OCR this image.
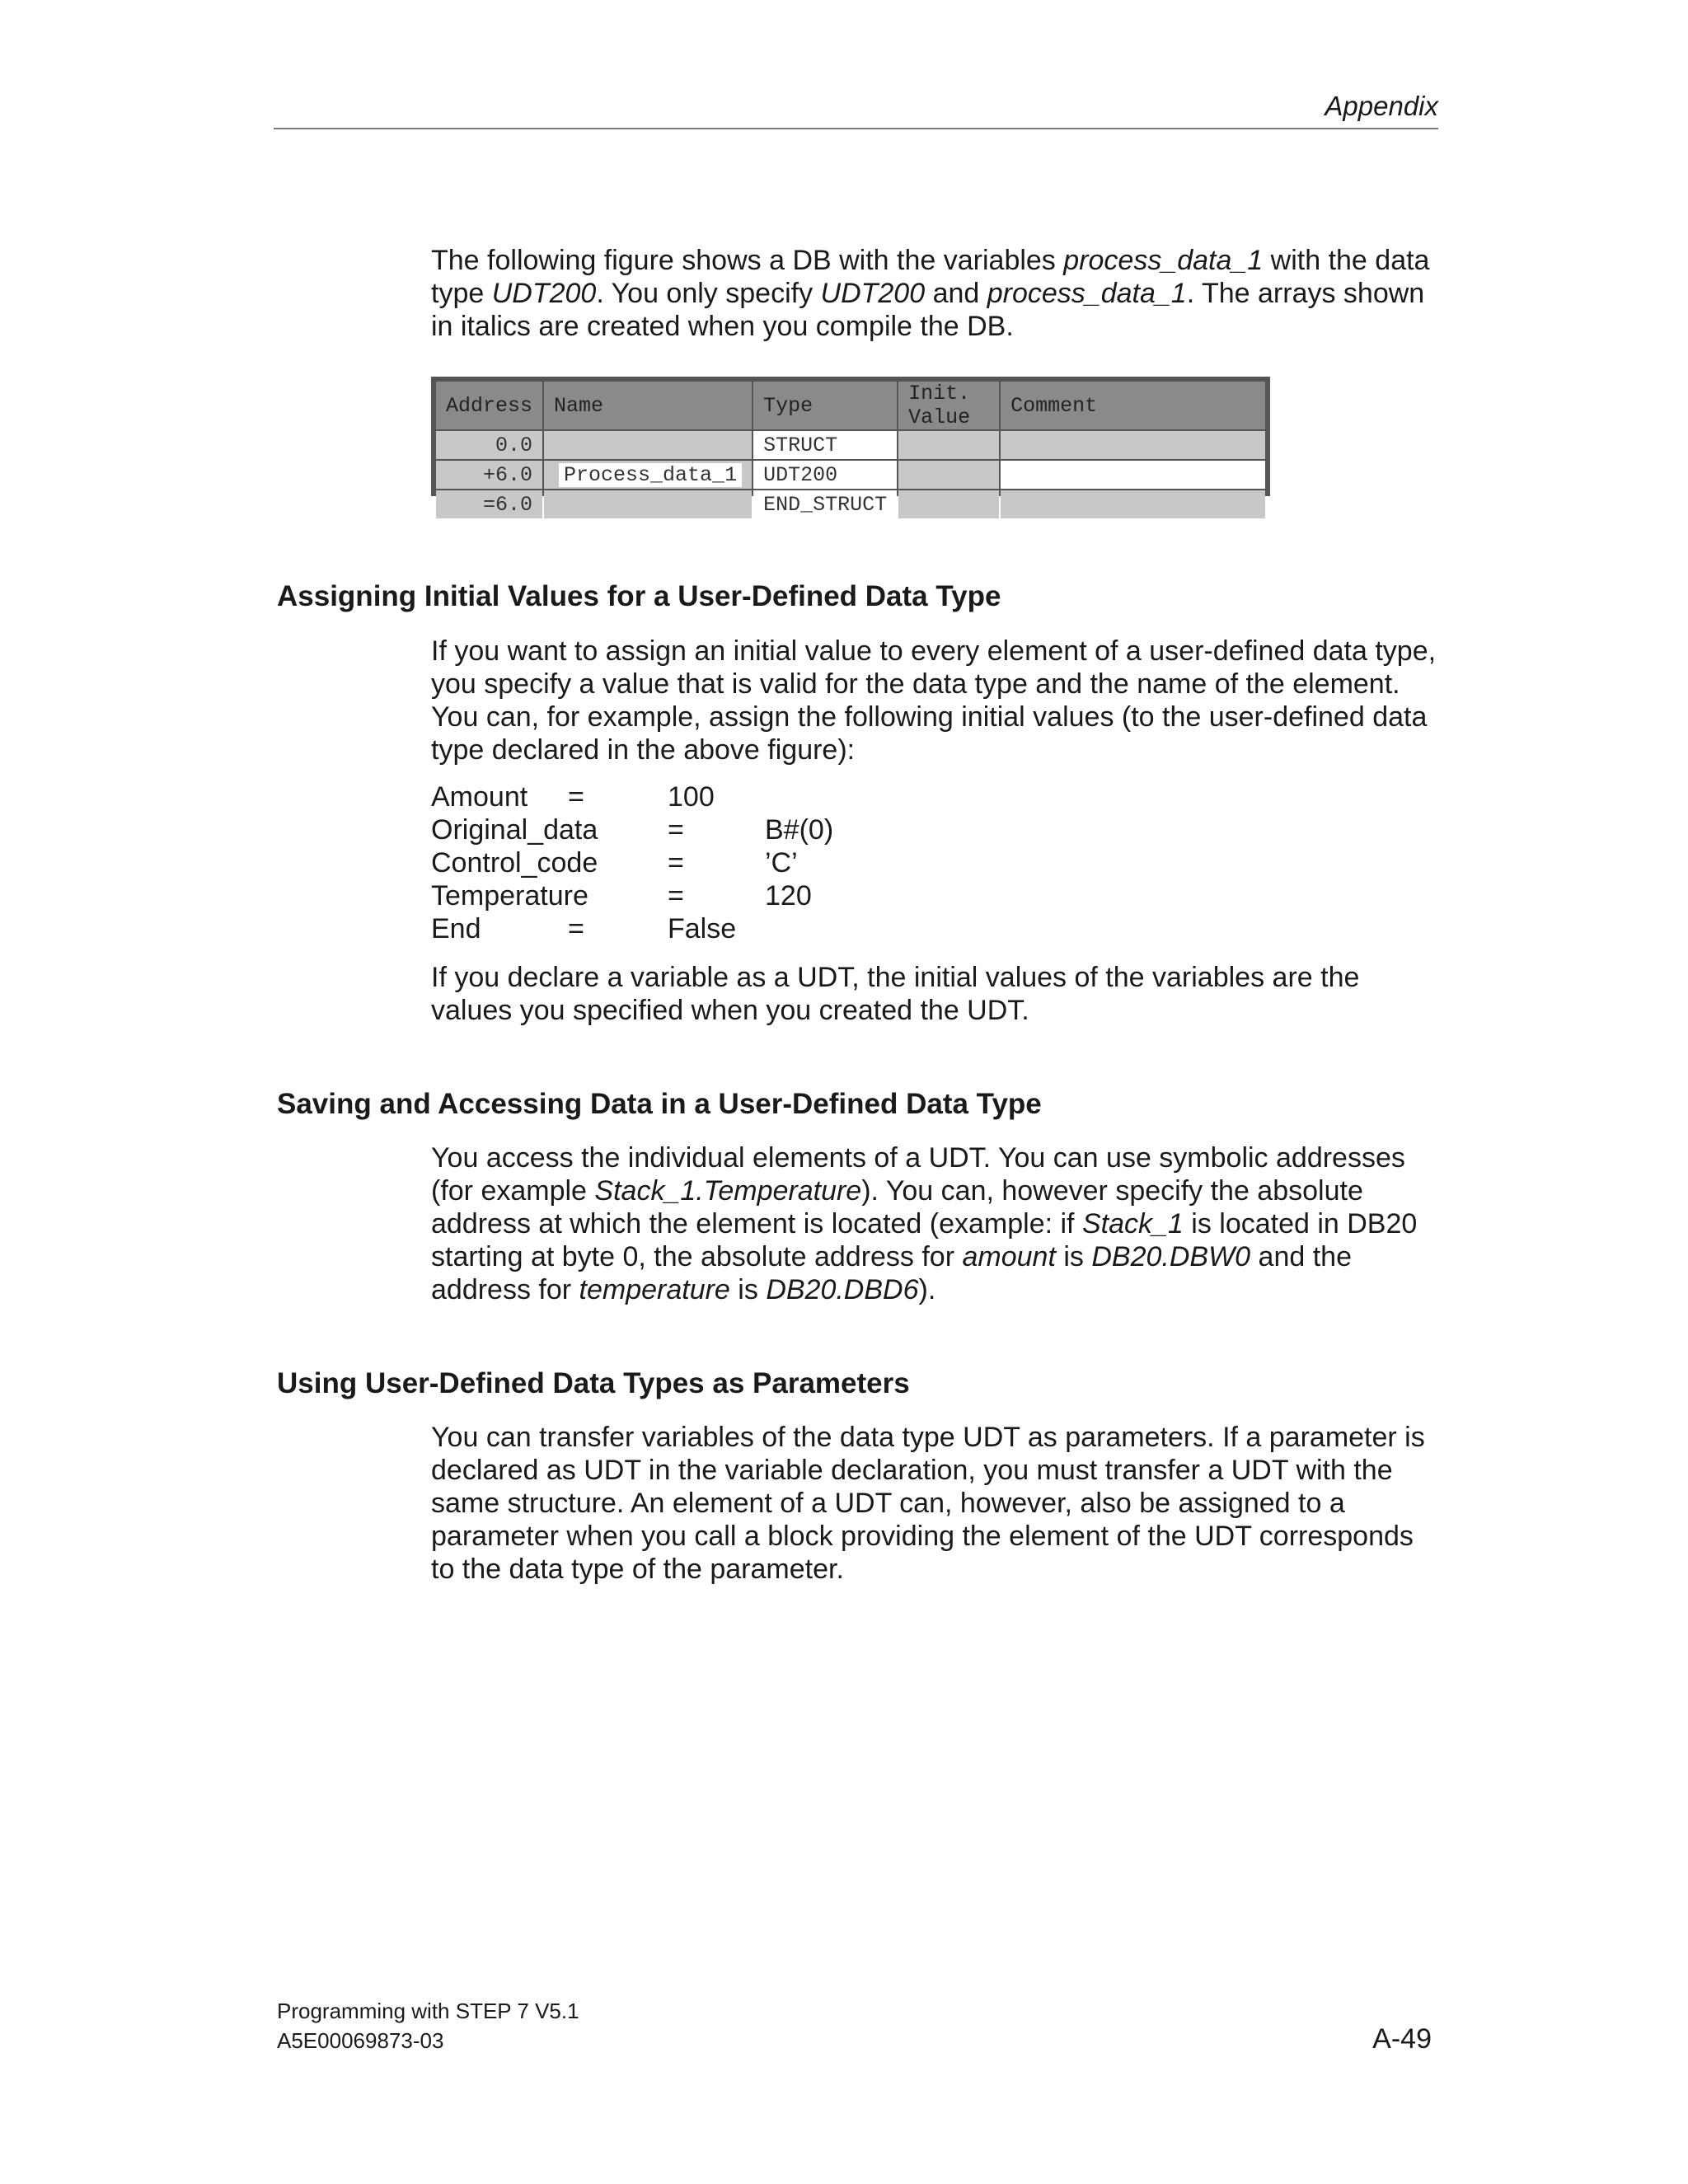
Appendix

The following figure shows a DB with the variables process_data_1 with the data type UDT200. You only specify UDT200 and process_data_1. The arrays shown in italics are created when you compile the DB.

Address	Name	Type	Init. Value	Comment
0.0		STRUCT		
+6.0	Process_data_1	UDT200		
=6.0		END_STRUCT		
Assigning Initial Values for a User-Defined Data Type

If you want to assign an initial value to every element of a user-defined data type, you specify a value that is valid for the data type and the name of the element. You can, for example, assign the following initial values (to the user-defined data type declared in the above figure):

Amount =	100
Original_data =	B#(0)
Control_code =	’C’
Temperature	=	120
End	=	False

If you declare a variable as a UDT, the initial values of the variables are the values you specified when you created the UDT.

Saving and Accessing Data in a User-Defined Data Type

You access the individual elements of a UDT. You can use symbolic addresses (for example Stack_1.Temperature). You can, however specify the absolute address at which the element is located (example: if Stack_1 is located in DB20 starting at byte 0, the absolute address for amount is DB20.DBW0 and the address for temperature is DB20.DBD6).

Using User-Defined Data Types as Parameters

You can transfer variables of the data type UDT as parameters. If a parameter is declared as UDT in the variable declaration, you must transfer a UDT with the same structure. An element of a UDT can, however, also be assigned to a parameter when you call a block providing the element of the UDT corresponds to the data type of the parameter.

Programming with STEP 7 V5.1
A5E00069873-03	A-49
